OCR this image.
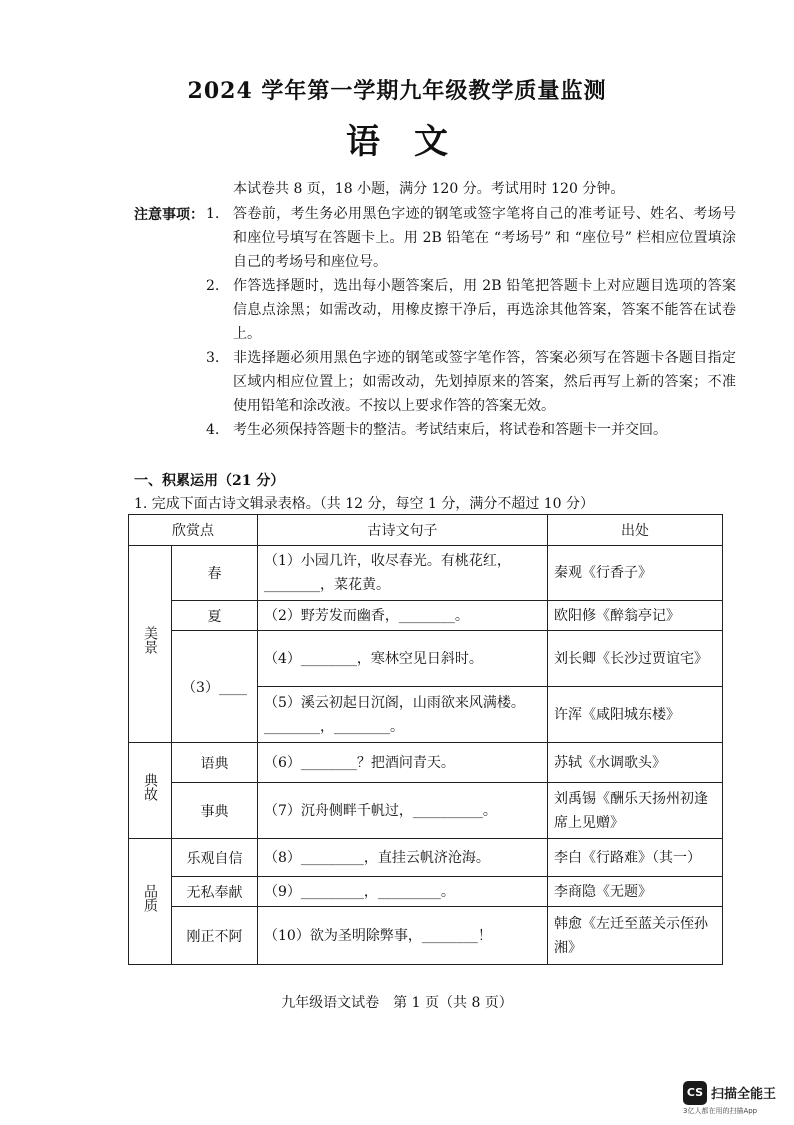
2024 学年第一学期九年级教学质量监测
语文
本试卷共 8 页，18 小题，满分 120 分。考试用时 120 分钟。
注意事项： 1. 答卷前，考生务必用黑色字迹的钢笔或签字笔将自己的准考证号、姓名、考场号和座位号填写在答题卡上。用 2B 铅笔在 “考场号” 和 “座位号” 栏相应位置填涂自己的考场号和座位号。
2. 作答选择题时，选出每小题答案后，用 2B 铅笔把答题卡上对应题目选项的答案信息点涂黑；如需改动，用橡皮擦干净后，再选涂其他答案，答案不能答在试卷上。
3. 非选择题必须用黑色字迹的钢笔或签字笔作答，答案必须写在答题卡各题目指定区域内相应位置上；如需改动，先划掉原来的答案，然后再写上新的答案；不准使用铅笔和涂改液。不按以上要求作答的答案无效。
4. 考生必须保持答题卡的整洁。考试结束后，将试卷和答题卡一并交回。
一、积累运用（21 分）
1. 完成下面古诗文辑录表格。（共 12 分，每空 1 分，满分不超过 10 分）
欣赏点		古诗文句子	出处
美景	春	（1）小园几许，收尽春光。有桃花红，________，菜花黄。	秦观《行香子》
	夏	（2）野芳发而幽香，________。	欧阳修《醉翁亭记》
	（3）____	（4）________，寒林空见日斜时。	刘长卿《长沙过贾谊宅》
		（5）溪云初起日沉阁，山雨欲来风满楼。________，________。	许浑《咸阳城东楼》
典故	语典	（6）________？把酒问青天。	苏轼《水调歌头》
	事典	（7）沉舟侧畔千帆过，__________。	刘禹锡《酬乐天扬州初逢席上见赠》
品质	乐观自信	（8）_________，直挂云帆济沧海。	李白《行路难》（其一）
	无私奉献	（9）_________，_________。	李商隐《无题》
	刚正不阿	（10）欲为圣明除弊事，________！	韩愈《左迁至蓝关示侄孙湘》
九年级语文试卷　第 1 页（共 8 页）
CS 扫描全能王
3亿人都在用的扫描App
